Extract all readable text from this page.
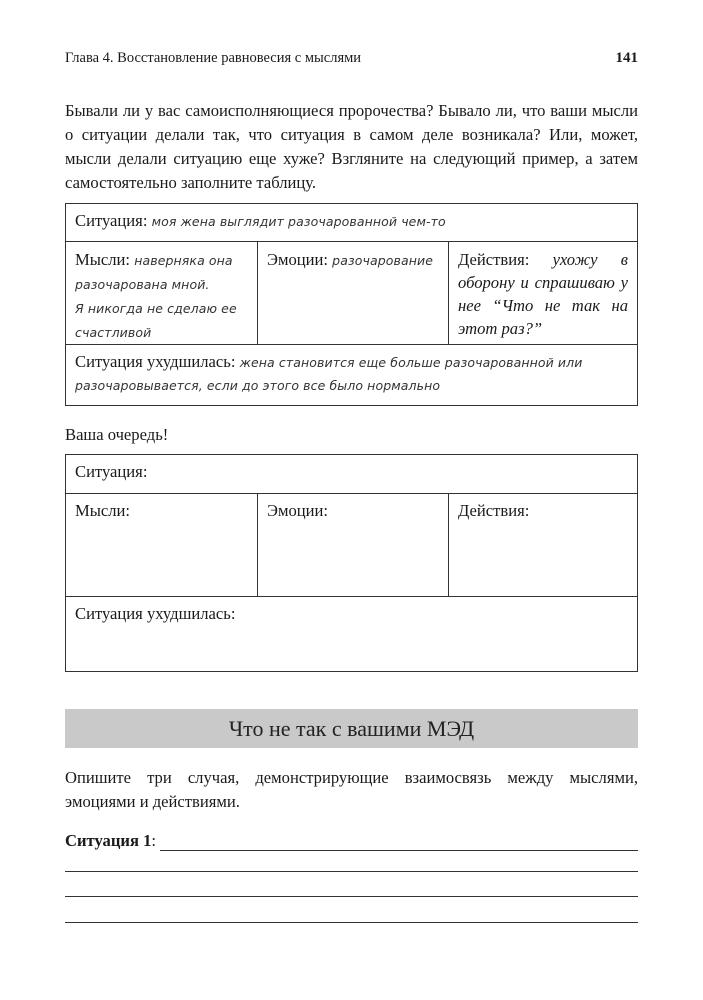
Глава 4. Восстановление равновесия с мыслями	141
Бывали ли у вас самоисполняющиеся пророчества? Бывало ли, что ваши мысли о ситуации делали так, что ситуация в самом деле возникала? Или, может, мысли делали ситуацию еще хуже? Взгляните на следующий пример, а затем самостоятельно заполните таблицу.
Ситуация: моя жена выглядит разочарованной чем-то
Мысли: наверняка она разочарована мной.
Я никогда не сделаю ее счастливой
Эмоции: разочарование	Действия: ухожу в оборону и спрашиваю у нее “Что не так на этот раз?”
Ситуация ухудшилась: жена становится еще больше разочарованной или разочаровывается, если до этого все было нормально
Ваша очередь!
Ситуация:
Мысли:	Эмоции:	Действия:
Ситуация ухудшилась:
Что не так с вашими МЭД
Опишите три случая, демонстрирующие взаимосвязь между мыслями, эмоциями и действиями.
Ситуация 1 :
